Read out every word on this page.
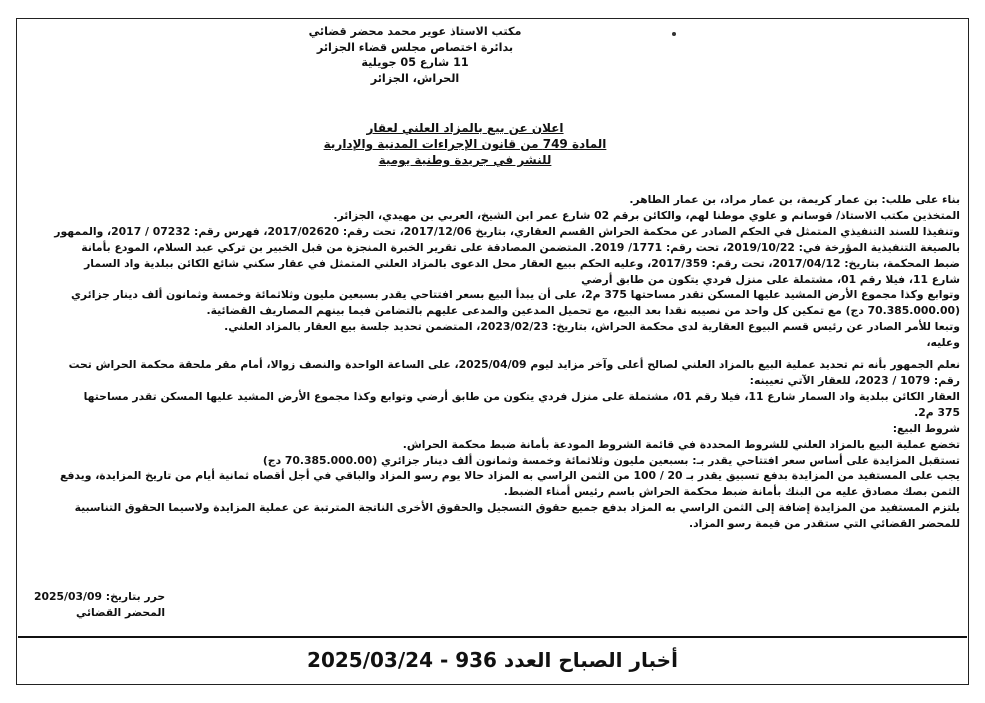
مكتب الاستاذ عوير محمد محضر قضائي
بدائرة اختصاص مجلس قضاء الجزائر
11 شارع 05 جويلية
الحراش، الجزائر
اعلان عن بيع بالمزاد العلني لعقار
المادة 749 من قانون الإجراءات المدنية والإدارية
للنشر في جريدة وطنية يومية
بناء على طلب: بن عمار كريمة، بن عمار مراد، بن عمار الطاهر.
المتخذين مكتب الاستاذ/ قوسانم و علوي موطنا لهم، والكائن برقم 02 شارع عمر ابن الشيخ، العربي بن مهيدي، الجزائر.
وتنفيذا للسند التنفيذي المتمثل في الحكم الصادر عن محكمة الحراش القسم العقاري، بتاريخ 2017/12/06، تحت رقم: 2017/02620، فهرس رقم: 07232 / 2017، والممهور
بالصيغة التنفيذية المؤرخة في: 2019/10/22، تحت رقم: 1771/ 2019. المتضمن المصادقة على تقرير الخبرة المنجزة من قبل الخبير بن تركي عبد السلام، المودع بأمانة
ضبط المحكمة، بتاريخ: 2017/04/12، تحت رقم: 2017/359، وعليه الحكم ببيع العقار محل الدعوى بالمزاد العلني المتمثل في عقار سكني شائع الكائن ببلدية واد السمار
شارع 11، فيلا رقم 01، مشتملة على منزل فردي يتكون من طابق أرضي
وتوابع وكذا مجموع الأرض المشيد عليها المسكن تقدر مساحتها 375 م2، على أن يبدأ البيع بسعر افتتاحي يقدر بسبعين مليون وثلاثمائة وخمسة وثمانون ألف دينار جزائري
(70.385.000.00 دج) مع تمكين كل واحد من نصيبه نقدا بعد البيع، مع تحميل المدعين والمدعى عليهم بالتضامن فيما بينهم المصاريف القضائية.
وتبعا للأمر الصادر عن رئيس قسم البيوع العقارية لدى محكمة الحراش، بتاريخ: 2023/02/23، المتضمن تحديد جلسة بيع العقار بالمزاد العلني.
وعليه،
نعلم الجمهور بأنه تم تحديد عملية البيع بالمزاد العلني لصالح أعلى وآخر مزايد ليوم 2025/04/09، على الساعة الواحدة والنصف زوالا، أمام مقر ملحقة محكمة الحراش تحت
رقم: 1079 / 2023، للعقار الآتي تعيينه:
العقار الكائن ببلدية واد السمار شارع 11، فيلا رقم 01، مشتملة على منزل فردي يتكون من طابق أرضي وتوابع وكذا مجموع الأرض المشيد عليها المسكن تقدر مساحتها
375 م2.
شروط البيع:
تخضع عملية البيع بالمزاد العلني للشروط المحددة في قائمة الشروط المودعة بأمانة ضبط محكمة الحراش.
تستقبل المزايدة على أساس سعر افتتاحي يقدر بـ: بسبعين مليون وثلاثمائة وخمسة وثمانون ألف دينار جزائري (70.385.000.00 دج)
يجب على المستفيد من المزايدة بدفع تسبيق يقدر بـ 20 / 100 من الثمن الراسي به المزاد حالا يوم رسو المزاد والباقي في أجل أقصاه ثمانية أيام من تاريخ المزايدة، ويدفع
الثمن بصك مصادق عليه من البنك بأمانة ضبط محكمة الحراش باسم رئيس أمناء الضبط.
يلتزم المستفيد من المزايدة إضافة إلى الثمن الراسي به المزاد بدفع جميع حقوق التسجيل والحقوق الأخرى الناتجة المترتبة عن عملية المزايدة ولاسيما الحقوق التناسبية
للمحضر القضائي التي ستقدر من قيمة رسو المزاد.
حرر بتاريخ: 2025/03/09
المحضر القضائي
أخبار الصباح العدد 936 - 2025/03/24
